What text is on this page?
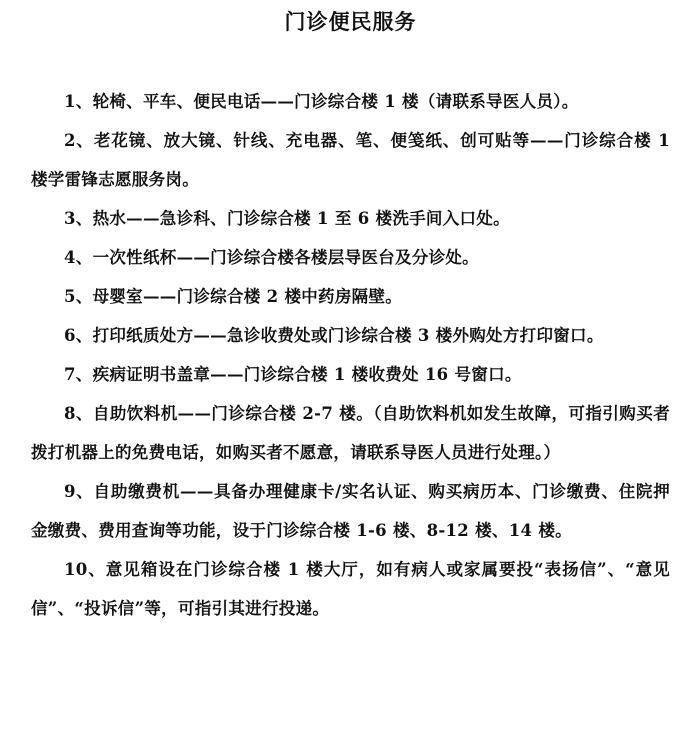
门诊便民服务

1、轮椅、平车、便民电话——门诊综合楼 1 楼（请联系导医人员）。

2、老花镜、放大镜、针线、充电器、笔、便笺纸、创可贴等——门诊综合楼 1 楼学雷锋志愿服务岗。

3、热水——急诊科、门诊综合楼 1 至 6 楼洗手间入口处。

4、一次性纸杯——门诊综合楼各楼层导医台及分诊处。

5、母婴室——门诊综合楼 2 楼中药房隔壁。

6、打印纸质处方——急诊收费处或门诊综合楼 3 楼外购处方打印窗口。

7、疾病证明书盖章——门诊综合楼 1 楼收费处 16 号窗口。

8、自助饮料机——门诊综合楼 2-7 楼。（自助饮料机如发生故障，可指引购买者拨打机器上的免费电话，如购买者不愿意，请联系导医人员进行处理。）

9、自助缴费机——具备办理健康卡/实名认证、购买病历本、门诊缴费、住院押金缴费、费用查询等功能，设于门诊综合楼 1-6 楼、8-12 楼、14 楼。

10、意见箱设在门诊综合楼 1 楼大厅，如有病人或家属要投“表扬信”、“意见信”、“投诉信”等，可指引其进行投递。
